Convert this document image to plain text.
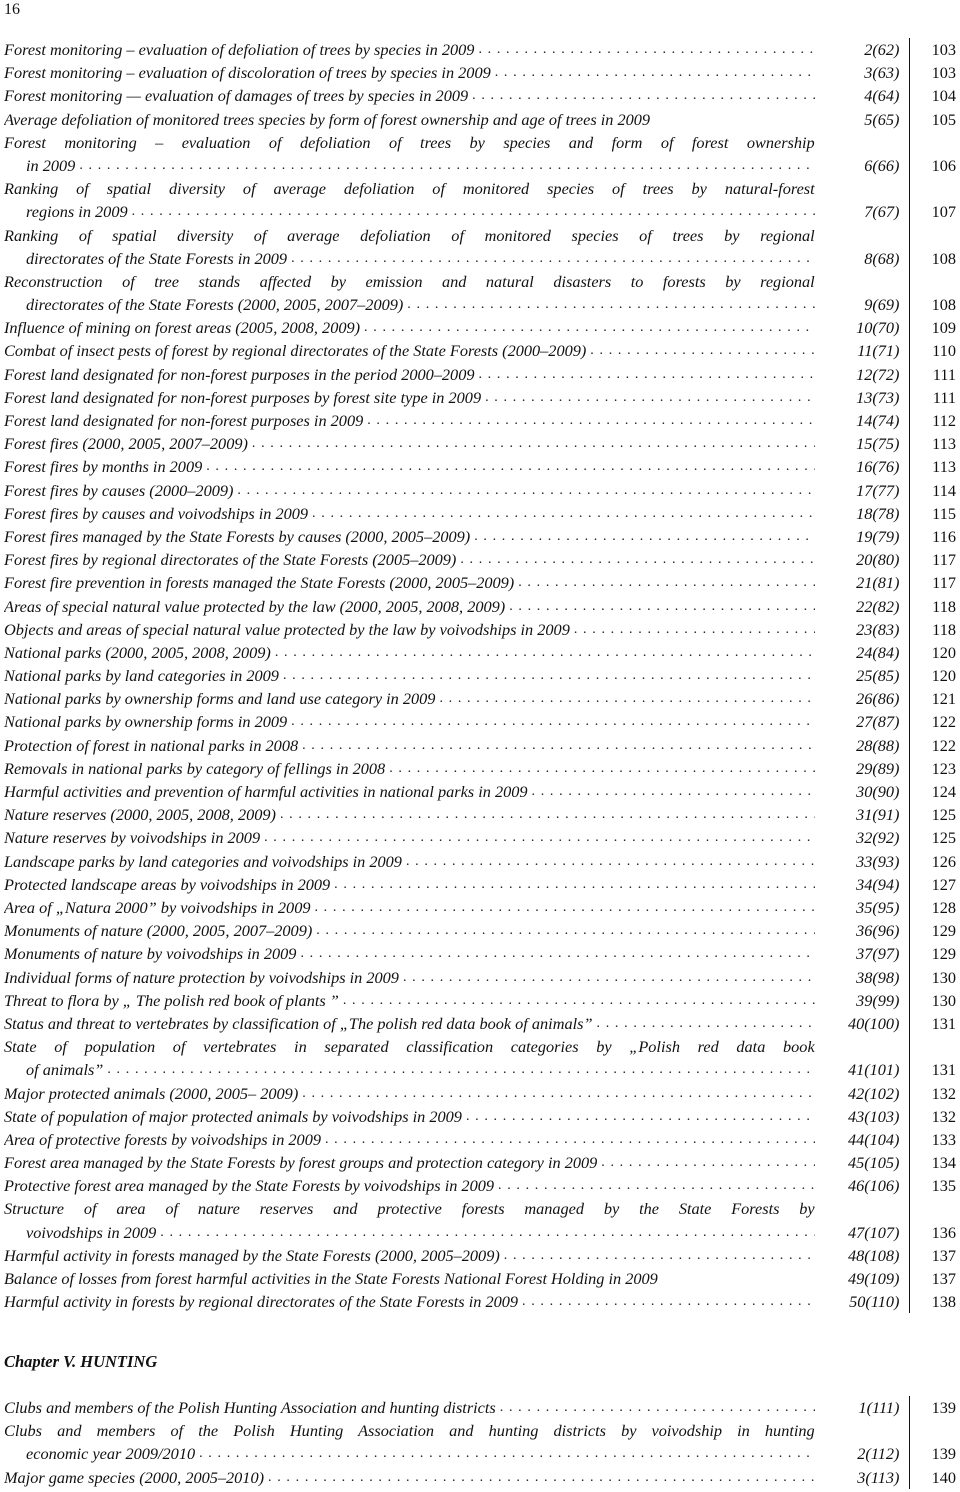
16
Forest monitoring – evaluation of defoliation of trees by species in 2009 . . .	2(62)	103
Forest monitoring – evaluation of discoloration of trees by species in 2009 . . .	3(63)	103
Forest monitoring — evaluation of damages of trees by species in 2009 . . .	4(64)	104
Average defoliation of monitored trees species by form of forest ownership and age of trees in 2009	5(65)	105
Forest monitoring – evaluation of defoliation of trees by species and form of forest ownership
in 2009 . . .	6(66)	106
Ranking of spatial diversity of average defoliation of monitored species of trees by natural-forest
regions in 2009 . . .	7(67)	107
Ranking of spatial diversity of average defoliation of monitored species of trees by regional
directorates of the State Forests in 2009 . . .	8(68)	108
Reconstruction of tree stands affected by emission and natural disasters to forests by regional
directorates of the State Forests (2000, 2005, 2007–2009) . . .	9(69)	108
Influence of mining on forest areas (2005, 2008, 2009) . . .	10(70)	109
Combat of insect pests of forest by regional directorates of the State Forests (2000–2009) . . .	11(71)	110
Forest land designated for non-forest purposes in the period 2000–2009 . . .	12(72)	111
Forest land designated for non-forest purposes by forest site type in 2009 . . .	13(73)	111
Forest land designated for non-forest purposes in 2009 . . .	14(74)	112
Forest fires (2000, 2005, 2007–2009) . . .	15(75)	113
Forest fires by months in 2009 . . .	16(76)	113
Forest fires by causes (2000–2009) . . .	17(77)	114
Forest fires by causes and voivodships in 2009 . . .	18(78)	115
Forest fires managed by the State Forests by causes (2000, 2005–2009) . . .	19(79)	116
Forest fires by regional directorates of the State Forests (2005–2009) . . .	20(80)	117
Forest fire prevention in forests managed the State Forests (2000, 2005–2009) . . .	21(81)	117
Areas of special natural value protected by the law (2000, 2005, 2008, 2009) . . .	22(82)	118
Objects and areas of special natural value protected by the law by voivodships in 2009 . . .	23(83)	118
National parks (2000, 2005, 2008, 2009) . . .	24(84)	120
National parks by land categories in 2009 . . .	25(85)	120
National parks by ownership forms and land use category in 2009 . . .	26(86)	121
National parks by ownership forms in 2009 . . .	27(87)	122
Protection of forest in national parks in 2008 . . .	28(88)	122
Removals in national parks by category of fellings in 2008 . . .	29(89)	123
Harmful activities and prevention of harmful activities in national parks in 2009 . . .	30(90)	124
Nature reserves (2000, 2005, 2008, 2009) . . .	31(91)	125
Nature reserves by voivodships in 2009 . . .	32(92)	125
Landscape parks by land categories and voivodships in 2009 . . .	33(93)	126
Protected landscape areas by voivodships in 2009 . . .	34(94)	127
Area of „Natura 2000” by voivodships in 2009 . . .	35(95)	128
Monuments of nature (2000, 2005, 2007–2009) . . .	36(96)	129
Monuments of nature by voivodships in 2009 . . .	37(97)	129
Individual forms of nature protection by voivodships in 2009 . . .	38(98)	130
Threat to flora by „ The polish red book of plants ” . . .	39(99)	130
Status and threat to vertebrates by classification of „The polish red data book of animals” . . .	40(100)	131
State of population of vertebrates in separated classification categories by „Polish red data book
of animals” . . .	41(101)	131
Major protected animals (2000, 2005– 2009) . . .	42(102)	132
State of population of major protected animals by voivodships in 2009 . . .	43(103)	132
Area of protective forests by voivodships in 2009 . . .	44(104)	133
Forest area managed by the State Forests by forest groups and protection category in 2009 . . .	45(105)	134
Protective forest area managed by the State Forests by voivodships in 2009 . . .	46(106)	135
Structure of area of nature reserves and protective forests managed by the State Forests by
voivodships in 2009 . . .	47(107)	136
Harmful activity in forests managed by the State Forests (2000, 2005–2009) . . .	48(108)	137
Balance of losses from forest harmful activities in the State Forests National Forest Holding in 2009	49(109)	137
Harmful activity in forests by regional directorates of the State Forests in 2009 . . .	50(110)	138
Chapter V. HUNTING
Clubs and members of the Polish Hunting Association and hunting districts . . .	1(111)	139
Clubs and members of the Polish Hunting Association and hunting districts by voivodship in hunting
economic year 2009/2010 . . .	2(112)	139
Major game species (2000, 2005–2010) . . .	3(113)	140
